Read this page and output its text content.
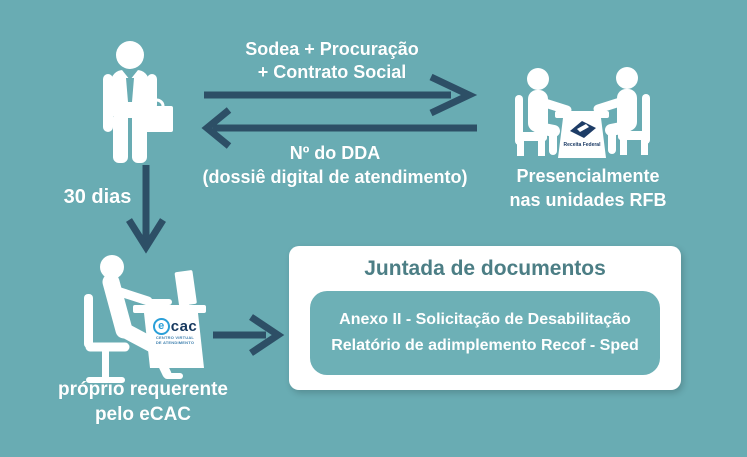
Receita Federal
Sodea + Procuração
+ Contrato Social
Nº do DDA
(dossiê digital de atendimento)
30 dias
Presencialmente
nas unidades RFB
próprio requerente
pelo eCAC
e cac
CENTRO VIRTUAL
DE ATENDIMENTO
Juntada de documentos
Anexo II - Solicitação de Desabilitação
Relatório de adimplemento Recof - Sped
